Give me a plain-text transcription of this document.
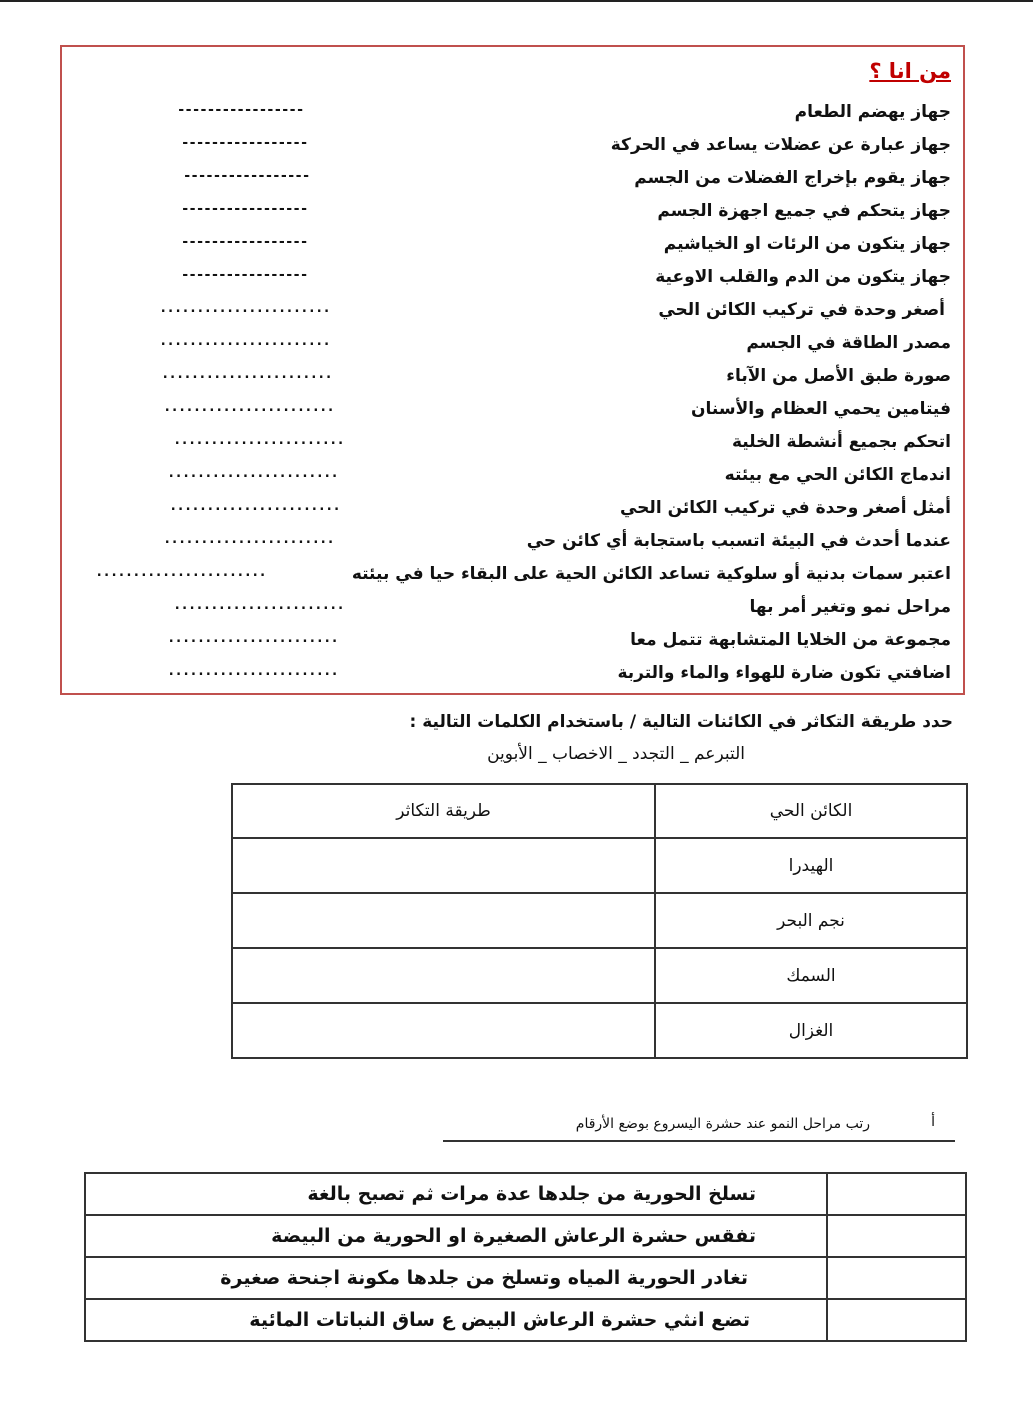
من انا ؟
جهاز يهضم الطعام
-----------------
جهاز عبارة عن عضلات يساعد في الحركة
-----------------
جهاز يقوم بإخراج الفضلات من الجسم
-----------------
جهاز يتحكم في جميع اجهزة الجسم
-----------------
جهاز يتكون من الرئات او الخياشيم
-----------------
جهاز يتكون من الدم والقلب الاوعية
-----------------
أصغر وحدة في تركيب الكائن الحي
.......................
مصدر الطاقة في الجسم
.......................
صورة طبق الأصل من الآباء
.......................
فيتامين يحمي العظام والأسنان
.......................
اتحكم بجميع أنشطة الخلية
.......................
اندماج الكائن الحي مع بيئته
.......................
أمثل أصغر وحدة في تركيب الكائن الحي
.......................
عندما أحدث في البيئة اتسبب باستجابة أي كائن حي
.......................
اعتبر سمات بدنية أو سلوكية تساعد الكائن الحية على البقاء حيا في بيئته
.......................
مراحل نمو وتغير أمر بها
.......................
مجموعة من الخلايا المتشابهة تتمل معا
.......................
اضافتي تكون ضارة للهواء والماء والتربة
.......................
حدد طريقة التكاثر في الكائنات التالية / باستخدام الكلمات التالية :
التبرعم _ التجدد _ الاخصاب _ الأبوين
الكائن الحي	طريقة التكاثر
الهيدرا	
نجم البحر	
السمك	
الغزال	
أ
رتب مراحل النمو عند حشرة اليسروع بوضع الأرقام
	تسلخ الحورية من جلدها عدة مرات ثم تصبح بالغة
	تفقس حشرة الرعاش الصغيرة او الحورية من البيضة
	تغادر الحورية المياه وتسلخ من جلدها مكونة اجنحة صغيرة
	تضع انثي حشرة الرعاش البيض ع ساق النباتات المائية
